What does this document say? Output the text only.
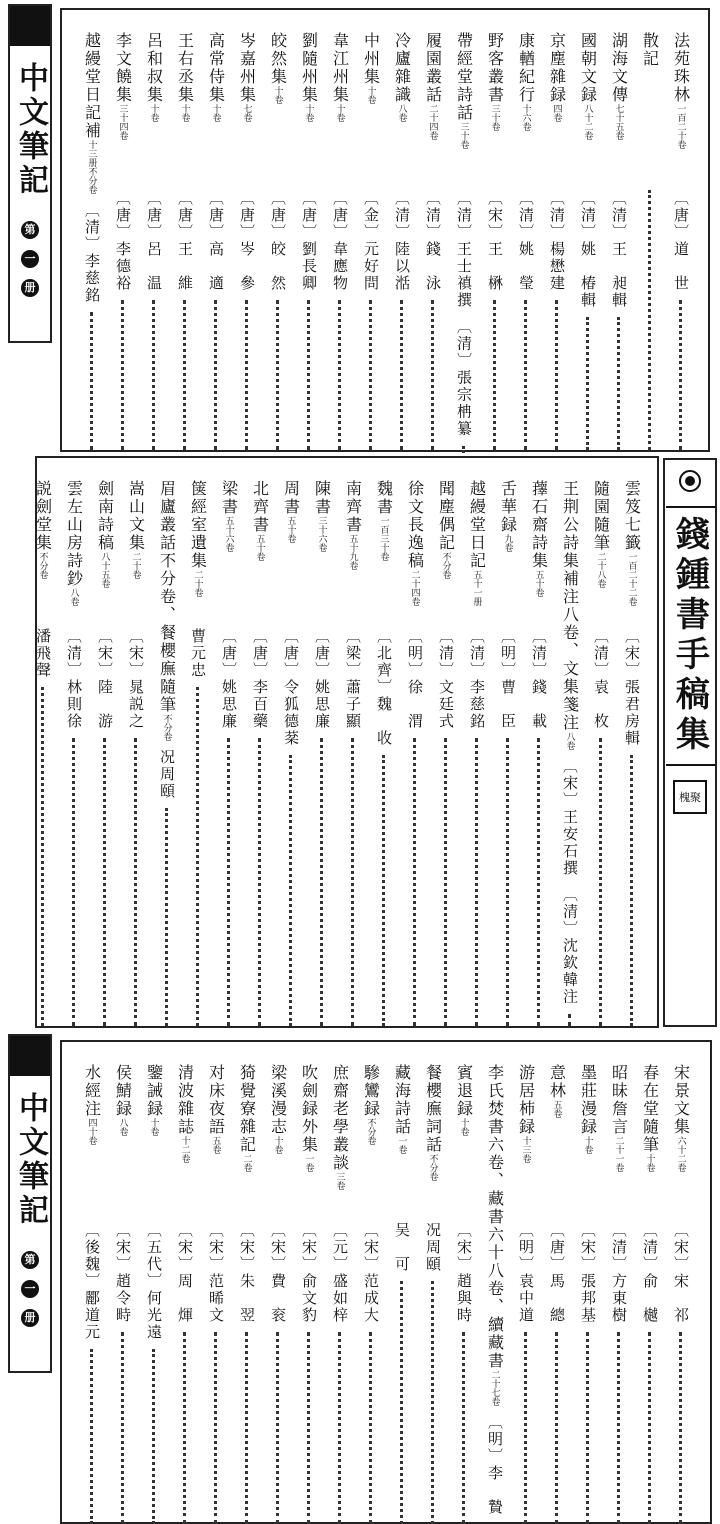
中文筆記
第 一 册
法苑珠林一百二十卷
〔唐〕道　世
散記
湖海文傳七十五卷
〔清〕王　昶輯
國朝文録八十二卷
〔清〕姚　椿輯
京塵雜録四卷
〔清〕楊懋建
康輶紀行十六卷
〔清〕姚　瑩
野客叢書三十卷
〔宋〕王　楙
帶經堂詩話三十卷
〔清〕王士禛撰　〔清〕張宗柟纂
履園叢話二十四卷
〔清〕錢　泳
冷廬雜識八卷
〔清〕陸以湉
中州集十卷
〔金〕元好問
韋江州集十卷
〔唐〕韋應物
劉隨州集十卷
〔唐〕劉長卿
皎然集十卷
〔唐〕皎　然
岑嘉州集七卷
〔唐〕岑　參
高常侍集十卷
〔唐〕高　適
王右丞集十卷
〔唐〕王　維
呂和叔集十卷
〔唐〕呂　温
李文饒集三十四卷
〔唐〕李德裕
越縵堂日記補十三册不分卷
〔清〕李慈銘
雲笈七籤一百二十二卷
〔宋〕張君房輯
隨園隨筆二十八卷
〔清〕袁　枚
王荆公詩集補注八卷、文集箋注八卷
〔宋〕王安石撰　〔清〕沈欽韓注
蘀石齋詩集五十卷
〔清〕錢　載
舌華録九卷
〔明〕曹　臣
越縵堂日記五十一册
〔清〕李慈銘
聞塵偶記不分卷
〔清〕文廷式
徐文長逸稿二十四卷
〔明〕徐　渭
魏書一百三十卷
〔北齊〕魏　收
南齊書五十九卷
〔梁〕蕭子顯
陳書三十六卷
〔唐〕姚思廉
周書五十卷
〔唐〕令狐德棻
北齊書五十卷
〔唐〕李百藥
梁書五十六卷
〔唐〕姚思廉
箧經室遺集二十卷
曹元忠
眉廬叢話不分卷、餐櫻廡隨筆不分卷
况周頤
嵩山文集二十卷
〔宋〕晁説之
劍南詩稿八十五卷
〔宋〕陸　游
雲左山房詩鈔八卷
〔清〕林則徐
説劍堂集不分卷
潘飛聲	錢鍾書手稿集
槐聚
中文筆記
第 一 册
宋景文集六十二卷
〔宋〕宋　祁
春在堂隨筆十卷
〔清〕俞　樾
昭昧詹言二十一卷
〔清〕方東樹
墨莊漫録十卷
〔宋〕張邦基
意林五卷
〔唐〕馬　總
游居杮録十三卷
〔明〕袁中道
李氏焚書六卷、藏書六十八卷、續藏書二十七卷
〔明〕李　贄
賓退録十卷
〔宋〕趙與時
餐櫻廡詞話不分卷
况周頤
藏海詩話一卷
吴　可
驂鸞録不分卷
〔宋〕范成大
庶齋老學叢談三卷
〔元〕盛如梓
吹劍録外集一卷
〔宋〕俞文豹
梁溪漫志十卷
〔宋〕費　衮
猗覺寮雜記二卷
〔宋〕朱　翌
对床夜語五卷
〔宋〕范晞文
清波雜誌十二卷
〔宋〕周　煇
鑒誡録十卷
〔五代〕何光遠
侯鯖録八卷
〔宋〕趙令畤
水經注四十卷
〔後魏〕酈道元
